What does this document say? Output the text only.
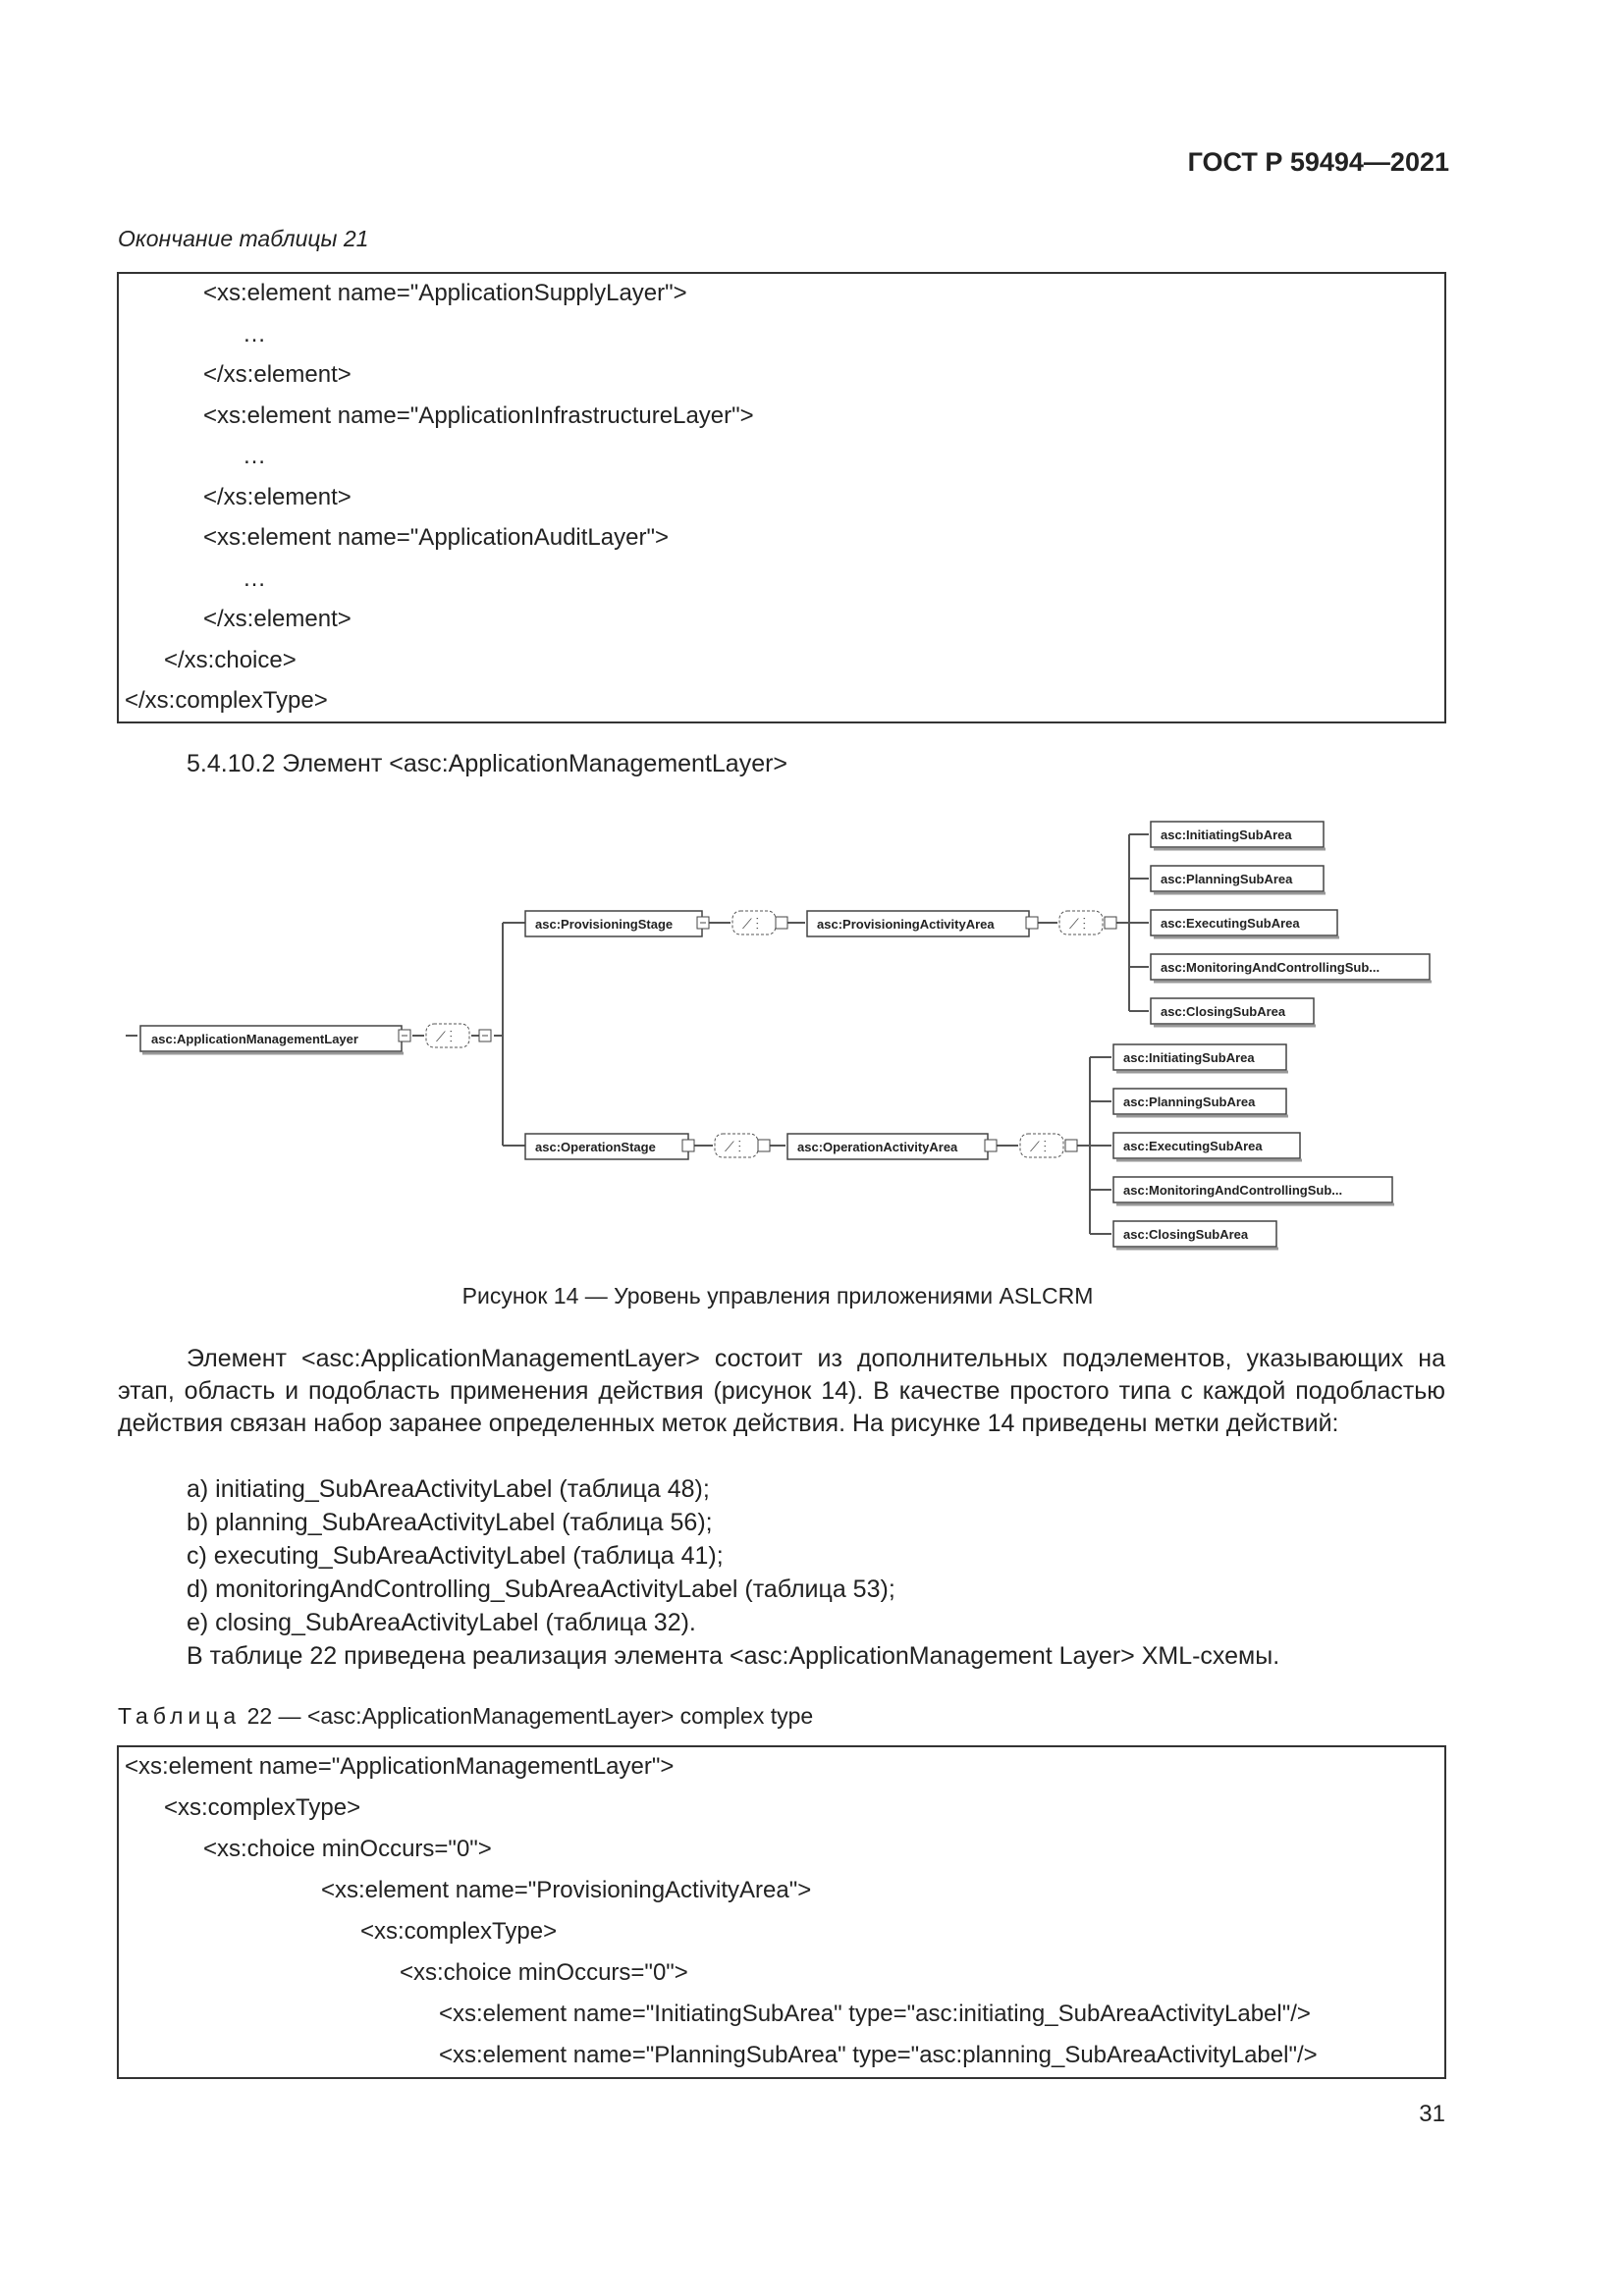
ГОСТ Р 59494—2021
Окончание таблицы 21
<xs:element name="ApplicationSupplyLayer">
…
</xs:element>
<xs:element name="ApplicationInfrastructureLayer">
…
</xs:element>
<xs:element name="ApplicationAuditLayer">
…
</xs:element>
</xs:choice>
</xs:complexType>
5.4.10.2 Элемент <asc:ApplicationManagementLayer>
asc:ApplicationManagementLayer	⟋ ⁝
asc:ProvisioningStage	⟋ ⁝	asc:ProvisioningActivityArea	⟋ ⁝
asc:InitiatingSubArea
asc:PlanningSubArea
asc:ExecutingSubArea
asc:MonitoringAndControllingSub...
asc:ClosingSubArea
asc:OperationStage	⟋ ⁝	asc:OperationActivityArea	⟋ ⁝
asc:InitiatingSubArea
asc:PlanningSubArea
asc:ExecutingSubArea
asc:MonitoringAndControllingSub...
asc:ClosingSubArea
Рисунок 14 — Уровень управления приложениями ASLCRM

Элемент <asc:ApplicationManagementLayer> состоит из дополнительных подэлементов, указывающих на этап, область и подобласть применения действия (рисунок 14). В качестве простого типа с каждой подобластью действия связан набор заранее определенных меток действия. На рисунке 14 приведены метки действий:

a) initiating_SubAreaActivityLabel (таблица 48);
b) planning_SubAreaActivityLabel (таблица 56);
c) executing_SubAreaActivityLabel (таблица 41);
d) monitoringAndControlling_SubAreaActivityLabel (таблица 53);
e) closing_SubAreaActivityLabel (таблица 32).
В таблице 22 приведена реализация элемента <asc:ApplicationManagement Layer> XML-схемы.
Таблица 22 — <asc:ApplicationManagementLayer> complex type
<xs:element name="ApplicationManagementLayer">
<xs:complexType>
<xs:choice minOccurs="0">
<xs:element name="ProvisioningActivityArea">
<xs:complexType>
<xs:choice minOccurs="0">
<xs:element name="InitiatingSubArea" type="asc:initiating_SubAreaActivityLabel"/>
<xs:element name="PlanningSubArea" type="asc:planning_SubAreaActivityLabel"/>
31
